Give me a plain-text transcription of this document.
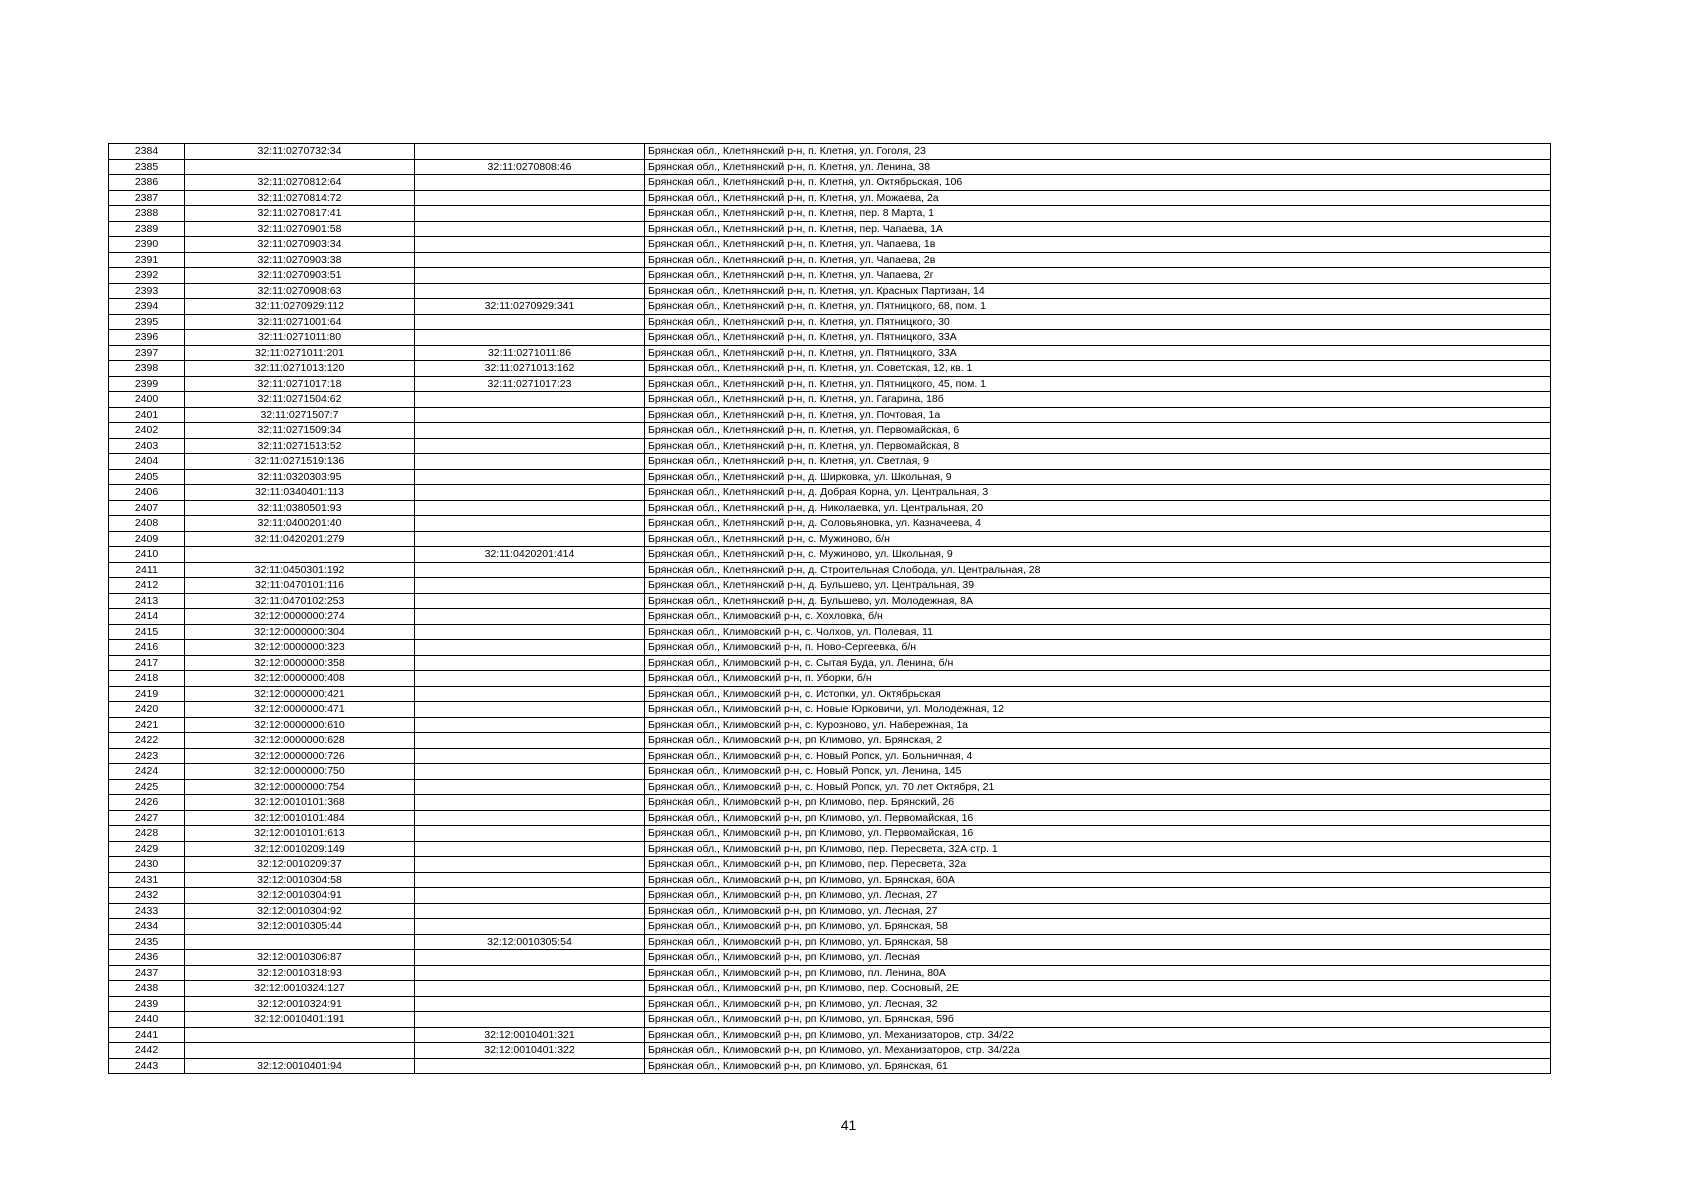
2384	32:11:0270732:34		Брянская обл., Клетнянский р-н, п. Клетня, ул. Гоголя, 23
2385		32:11:0270808:46	Брянская обл., Клетнянский р-н, п. Клетня, ул. Ленина, 38
2386	32:11:0270812:64		Брянская обл., Клетнянский р-н, п. Клетня, ул. Октябрьская, 106
2387	32:11:0270814:72		Брянская обл., Клетнянский р-н, п. Клетня, ул. Можаева, 2а
2388	32:11:0270817:41		Брянская обл., Клетнянский р-н, п. Клетня, пер. 8 Марта, 1
2389	32:11:0270901:58		Брянская обл., Клетнянский р-н, п. Клетня, пер. Чапаева, 1А
2390	32:11:0270903:34		Брянская обл., Клетнянский р-н, п. Клетня, ул. Чапаева, 1в
2391	32:11:0270903:38		Брянская обл., Клетнянский р-н, п. Клетня, ул. Чапаева, 2в
2392	32:11:0270903:51		Брянская обл., Клетнянский р-н, п. Клетня, ул. Чапаева, 2г
2393	32:11:0270908:63		Брянская обл., Клетнянский р-н, п. Клетня, ул. Красных Партизан, 14
2394	32:11:0270929:112	32:11:0270929:341	Брянская обл., Клетнянский р-н, п. Клетня, ул. Пятницкого, 68, пом. 1
2395	32:11:0271001:64		Брянская обл., Клетнянский р-н, п. Клетня, ул. Пятницкого, 30
2396	32:11:0271011:80		Брянская обл., Клетнянский р-н, п. Клетня, ул. Пятницкого, 33А
2397	32:11:0271011:201	32:11:0271011:86	Брянская обл., Клетнянский р-н, п. Клетня, ул. Пятницкого, 33А
2398	32:11:0271013:120	32:11:0271013:162	Брянская обл., Клетнянский р-н, п. Клетня, ул. Советская, 12, кв. 1
2399	32:11:0271017:18	32:11:0271017:23	Брянская обл., Клетнянский р-н, п. Клетня, ул. Пятницкого, 45, пом. 1
2400	32:11:0271504:62		Брянская обл., Клетнянский р-н, п. Клетня, ул. Гагарина, 18б
2401	32:11:0271507:7		Брянская обл., Клетнянский р-н, п. Клетня, ул. Почтовая, 1а
2402	32:11:0271509:34		Брянская обл., Клетнянский р-н, п. Клетня, ул. Первомайская, 6
2403	32:11:0271513:52		Брянская обл., Клетнянский р-н, п. Клетня, ул. Первомайская, 8
2404	32:11:0271519:136		Брянская обл., Клетнянский р-н, п. Клетня, ул. Светлая, 9
2405	32:11:0320303:95		Брянская обл., Клетнянский р-н, д. Ширковка, ул. Школьная, 9
2406	32:11:0340401:113		Брянская обл., Клетнянский р-н, д. Добрая Корна, ул. Центральная, 3
2407	32:11:0380501:93		Брянская обл., Клетнянский р-н, д. Николаевка, ул. Центральная, 20
2408	32:11:0400201:40		Брянская обл., Клетнянский р-н, д. Соловьяновка, ул. Казначеева, 4
2409	32:11:0420201:279		Брянская обл., Клетнянский р-н, с. Мужиново, б/н
2410		32:11:0420201:414	Брянская обл., Клетнянский р-н, с. Мужиново, ул. Школьная, 9
2411	32:11:0450301:192		Брянская обл., Клетнянский р-н, д. Строительная Слобода, ул. Центральная, 28
2412	32:11:0470101:116		Брянская обл., Клетнянский р-н, д. Бульшево, ул. Центральная, 39
2413	32:11:0470102:253		Брянская обл., Клетнянский р-н, д. Бульшево, ул. Молодежная, 8А
2414	32:12:0000000:274		Брянская обл., Климовский р-н, с. Хохловка, б/н
2415	32:12:0000000:304		Брянская обл., Климовский р-н, с. Чолхов, ул. Полевая, 11
2416	32:12:0000000:323		Брянская обл., Климовский р-н, п. Ново-Сергеевка, б/н
2417	32:12:0000000:358		Брянская обл., Климовский р-н, с. Сытая Буда, ул. Ленина, б/н
2418	32:12:0000000:408		Брянская обл., Климовский р-н, п. Уборки, б/н
2419	32:12:0000000:421		Брянская обл., Климовский р-н, с. Истопки, ул. Октябрьская
2420	32:12:0000000:471		Брянская обл., Климовский р-н, с. Новые Юрковичи, ул. Молодежная, 12
2421	32:12:0000000:610		Брянская обл., Климовский р-н, с. Курозново, ул. Набережная, 1а
2422	32:12:0000000:628		Брянская обл., Климовский р-н, рп Климово, ул. Брянская, 2
2423	32:12:0000000:726		Брянская обл., Климовский р-н, с. Новый Ропск, ул. Больничная, 4
2424	32:12:0000000:750		Брянская обл., Климовский р-н, с. Новый Ропск, ул. Ленина, 145
2425	32:12:0000000:754		Брянская обл., Климовский р-н, с. Новый Ропск, ул. 70 лет Октября, 21
2426	32:12:0010101:368		Брянская обл., Климовский р-н, рп Климово, пер. Брянский, 26
2427	32:12:0010101:484		Брянская обл., Климовский р-н, рп Климово, ул. Первомайская, 16
2428	32:12:0010101:613		Брянская обл., Климовский р-н, рп Климово, ул. Первомайская, 16
2429	32:12:0010209:149		Брянская обл., Климовский р-н, рп Климово, пер. Пересвета, 32А стр. 1
2430	32:12:0010209:37		Брянская обл., Климовский р-н, рп Климово, пер. Пересвета, 32а
2431	32:12:0010304:58		Брянская обл., Климовский р-н, рп Климово, ул. Брянская, 60А
2432	32:12:0010304:91		Брянская обл., Климовский р-н, рп Климово, ул. Лесная, 27
2433	32:12:0010304:92		Брянская обл., Климовский р-н, рп Климово, ул. Лесная, 27
2434	32:12:0010305:44		Брянская обл., Климовский р-н, рп Климово, ул. Брянская, 58
2435		32:12:0010305:54	Брянская обл., Климовский р-н, рп Климово, ул. Брянская, 58
2436	32:12:0010306:87		Брянская обл., Климовский р-н, рп Климово, ул. Лесная
2437	32:12:0010318:93		Брянская обл., Климовский р-н, рп Климово, пл. Ленина, 80А
2438	32:12:0010324:127		Брянская обл., Климовский р-н, рп Климово, пер. Сосновый, 2Е
2439	32:12:0010324:91		Брянская обл., Климовский р-н, рп Климово, ул. Лесная, 32
2440	32:12:0010401:191		Брянская обл., Климовский р-н, рп Климово, ул. Брянская, 59б
2441		32:12:0010401:321	Брянская обл., Климовский р-н, рп Климово, ул. Механизаторов, стр. 34/22
2442		32:12:0010401:322	Брянская обл., Климовский р-н, рп Климово, ул. Механизаторов, стр. 34/22а
2443	32:12:0010401:94		Брянская обл., Климовский р-н, рп Климово, ул. Брянская, 61
41
